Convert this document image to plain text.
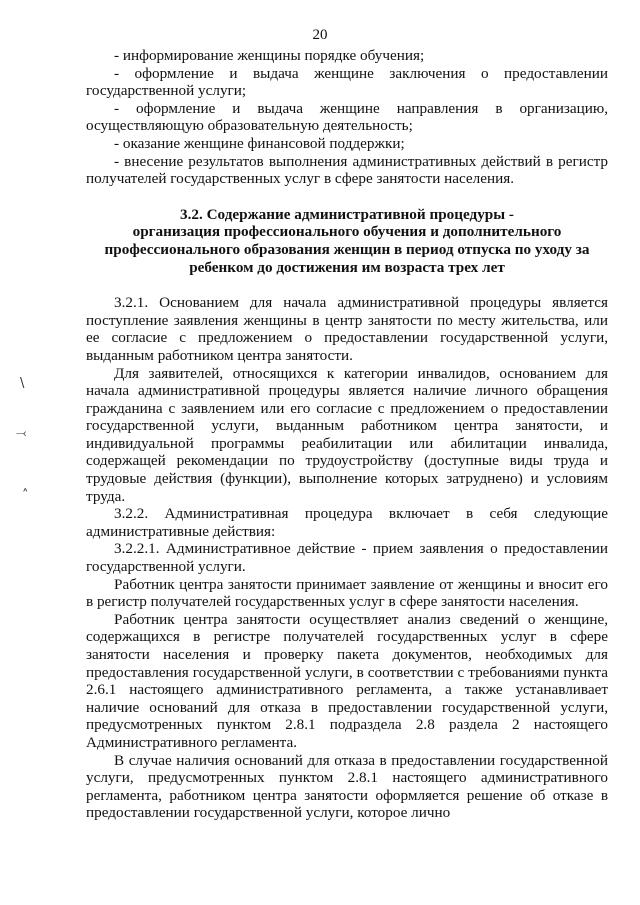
20
\
⤙
˄

- информирование женщины порядке обучения;

- оформление и выдача женщине заключения о предоставлении государственной услуги;

- оформление и выдача женщине направления в организацию, осуществляющую образовательную деятельность;

- оказание женщине финансовой поддержки;

- внесение результатов выполнения административных действий в регистр получателей государственных услуг в сфере занятости населения.

3.2. Содержание административной процедуры -

организация профессионального обучения и дополнительного

профессионального образования женщин в период отпуска по уходу за

ребенком до достижения им возраста трех лет

3.2.1. Основанием для начала административной процедуры является поступление заявления женщины в центр занятости по месту жительства, или ее согласие с предложением о предоставлении государственной услуги, выданным работником центра занятости.

Для заявителей, относящихся к категории инвалидов, основанием для начала административной процедуры является наличие личного обращения гражданина с заявлением или его согласие с предложением о предоставлении государственной услуги, выданным работником центра занятости, и индивидуальной программы реабилитации или абилитации инвалида, содержащей рекомендации по трудоустройству (доступные виды труда и трудовые действия (функции), выполнение которых затруднено) и условиям труда.

3.2.2. Административная процедура включает в себя следующие административные действия:

3.2.2.1. Административное действие - прием заявления о предоставлении государственной услуги.

Работник центра занятости принимает заявление от женщины и вносит его в регистр получателей государственных услуг в сфере занятости населения.

Работник центра занятости осуществляет анализ сведений о женщине, содержащихся в регистре получателей государственных услуг в сфере занятости населения и проверку пакета документов, необходимых для предоставления государственной услуги, в соответствии с требованиями пункта 2.6.1 настоящего административного регламента, а также устанавливает наличие оснований для отказа в предоставлении государственной услуги, предусмотренных пунктом 2.8.1 подраздела 2.8 раздела 2 настоящего Административного регламента.

В случае наличия оснований для отказа в предоставлении государственной услуги, предусмотренных пунктом 2.8.1 настоящего административного регламента, работником центра занятости оформляется решение об отказе в предоставлении государственной услуги, которое лично
